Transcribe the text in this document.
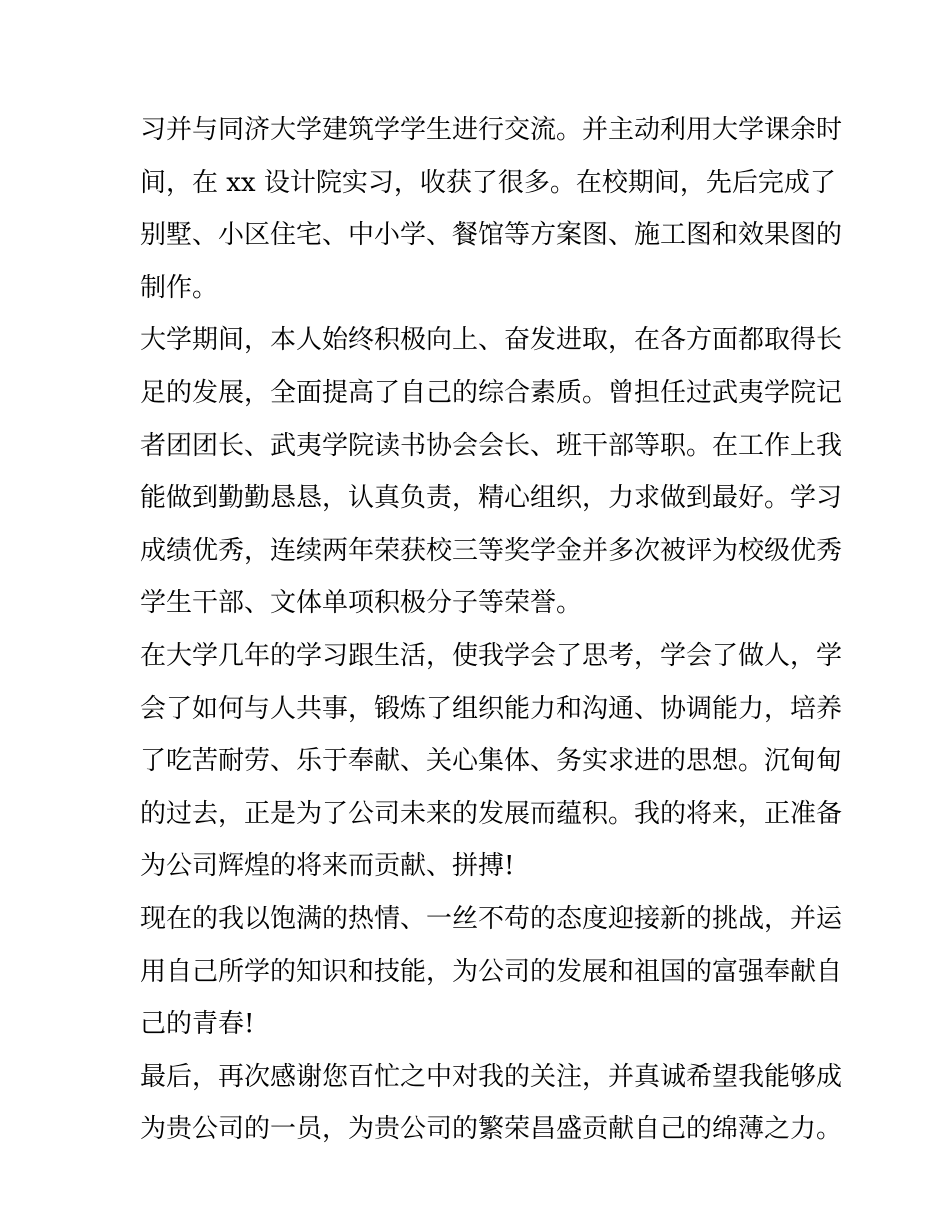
习并与同济大学建筑学学生进行交流。并主动利用大学课余时
间，在 xx 设计院实习，收获了很多。在校期间，先后完成了
别墅、小区住宅、中小学、餐馆等方案图、施工图和效果图的
制作。

大学期间，本人始终积极向上、奋发进取，在各方面都取得长
足的发展，全面提高了自己的综合素质。曾担任过武夷学院记
者团团长、武夷学院读书协会会长、班干部等职。在工作上我
能做到勤勤恳恳，认真负责，精心组织，力求做到最好。学习
成绩优秀，连续两年荣获校三等奖学金并多次被评为校级优秀
学生干部、文体单项积极分子等荣誉。

在大学几年的学习跟生活，使我学会了思考，学会了做人，学
会了如何与人共事，锻炼了组织能力和沟通、协调能力，培养
了吃苦耐劳、乐于奉献、关心集体、务实求进的思想。沉甸甸
的过去，正是为了公司未来的发展而蕴积。我的将来，正准备
为公司辉煌的将来而贡献、拼搏!

现在的我以饱满的热情、一丝不苟的态度迎接新的挑战，并运
用自己所学的知识和技能，为公司的发展和祖国的富强奉献自
己的青春!

最后，再次感谢您百忙之中对我的关注，并真诚希望我能够成
为贵公司的一员，为贵公司的繁荣昌盛贡献自己的绵薄之力。
